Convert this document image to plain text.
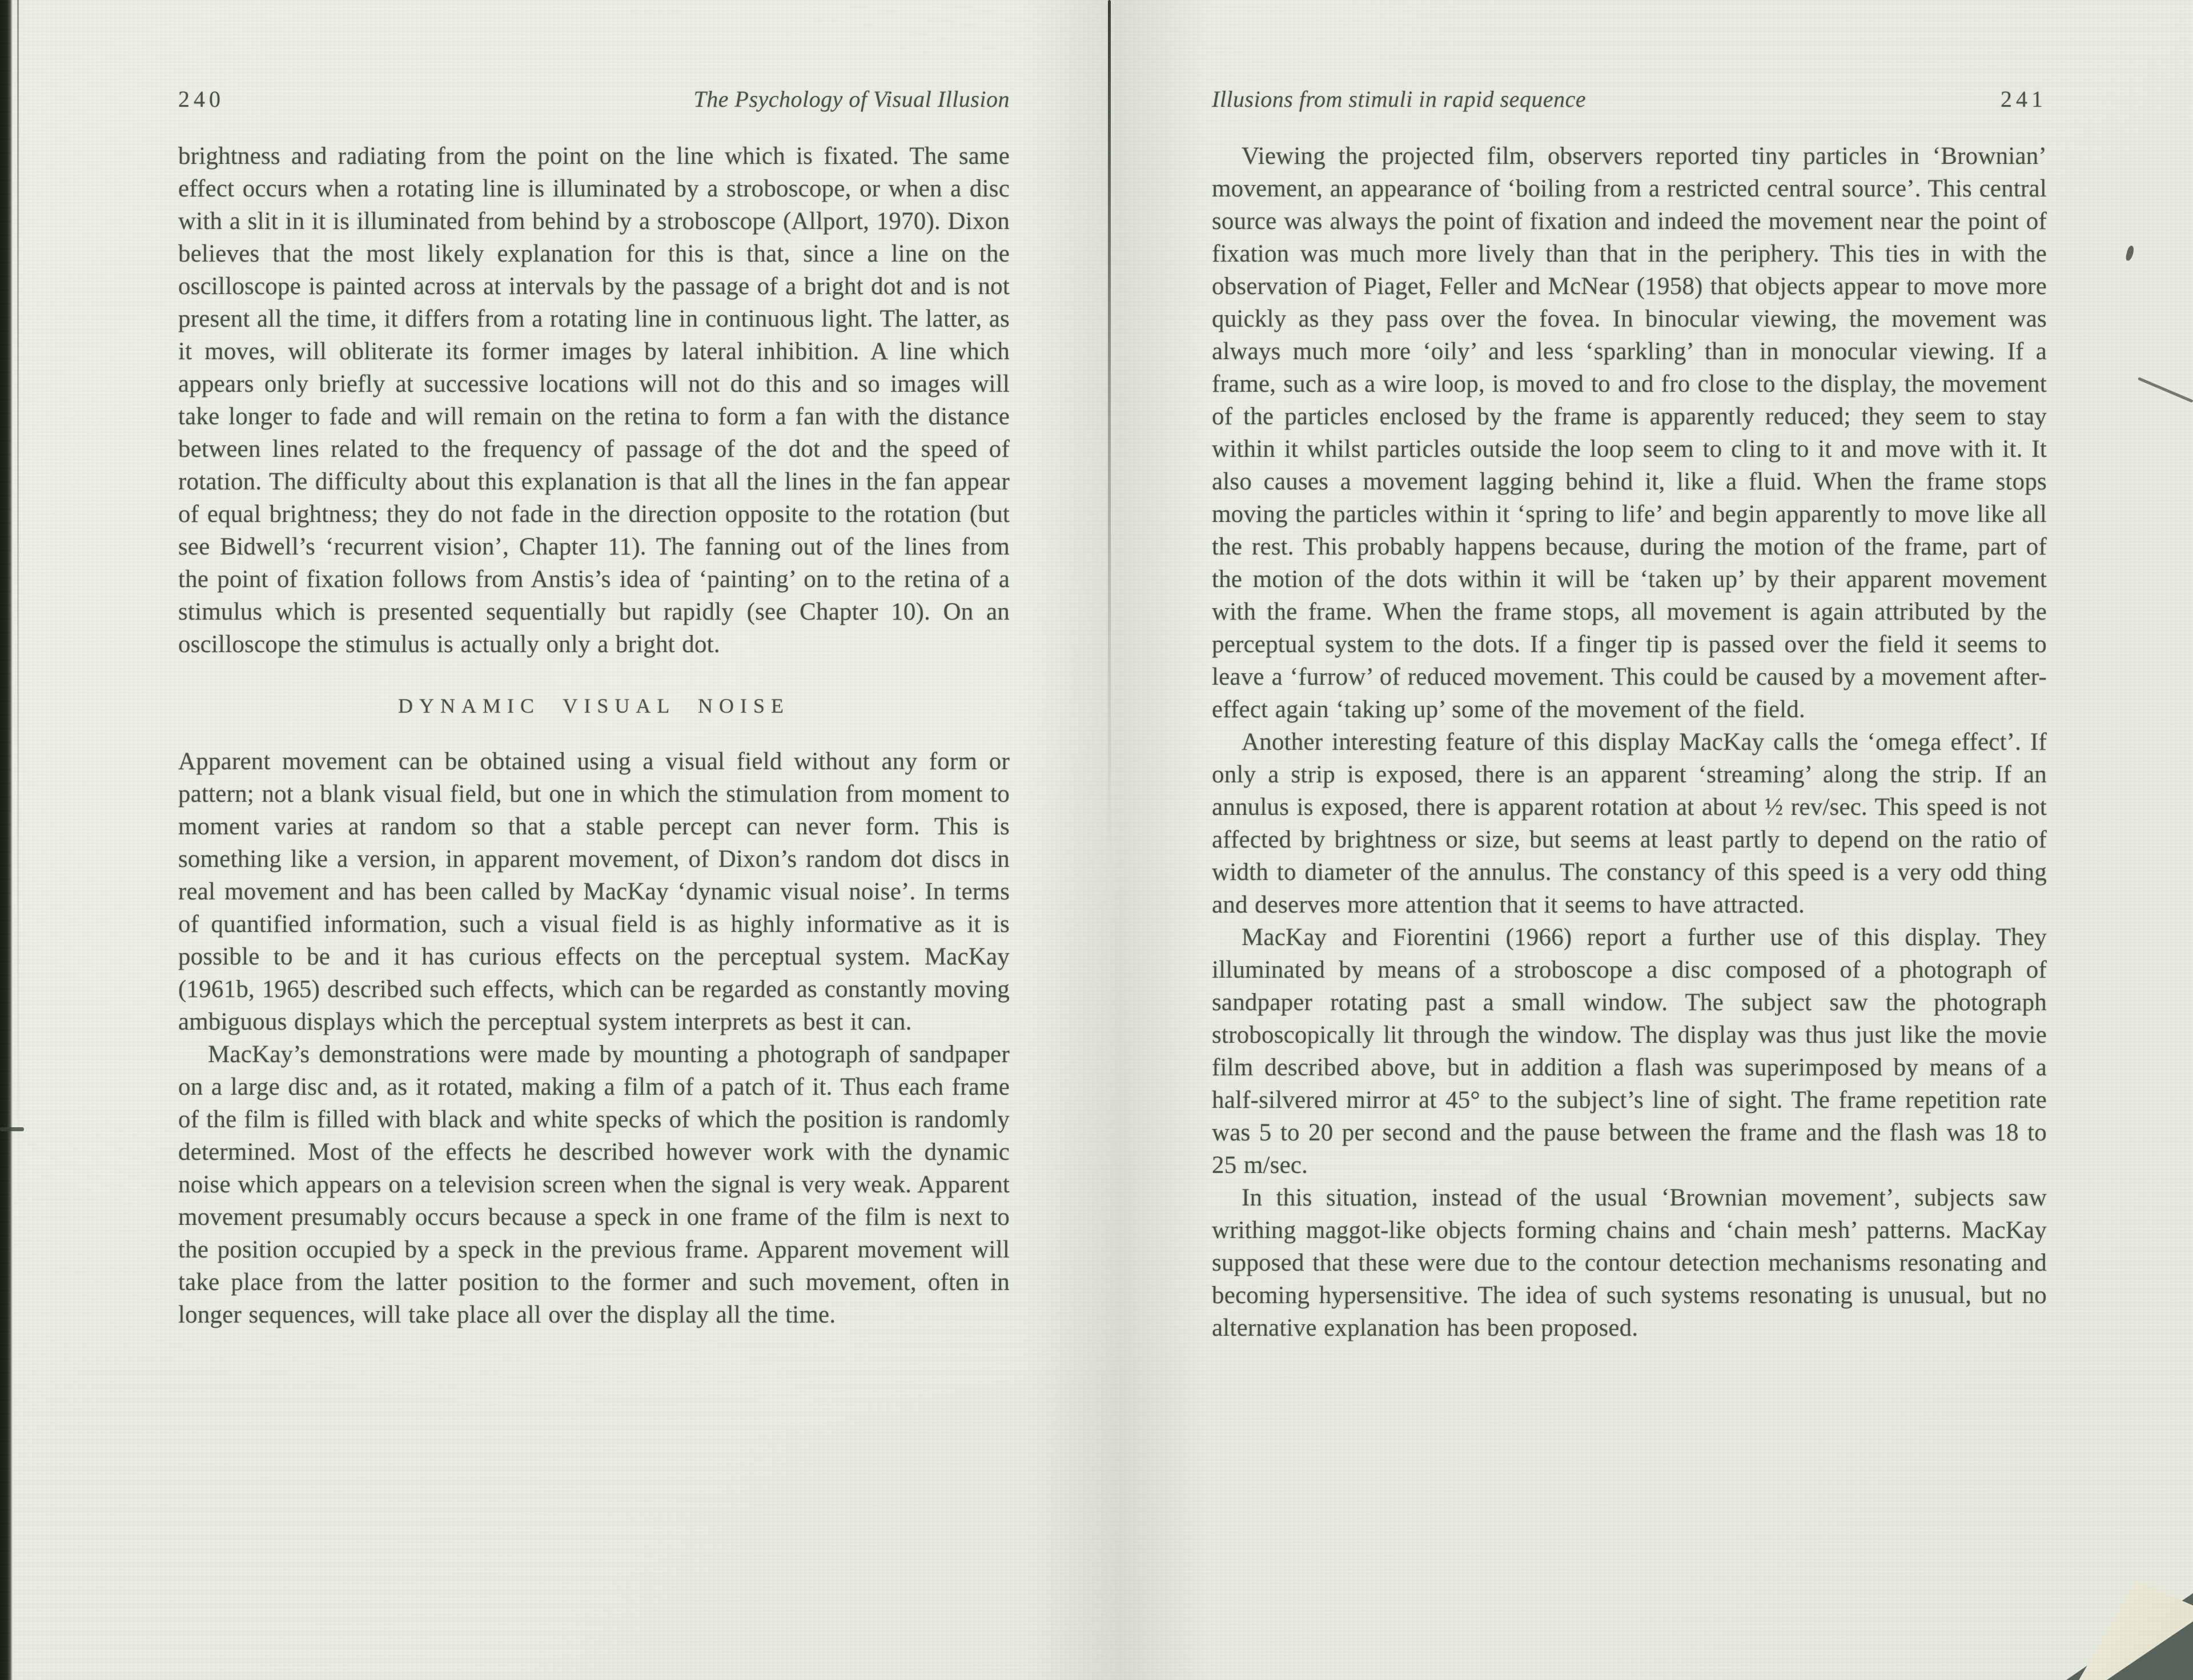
240	The Psychology of Visual Illusion

brightness and radiating from the point on the line which is fixated. The same effect occurs when a rotating line is illuminated by a stroboscope, or when a disc with a slit in it is illuminated from behind by a stroboscope (Allport, 1970). Dixon believes that the most likely explanation for this is that, since a line on the oscilloscope is painted across at intervals by the passage of a bright dot and is not present all the time, it differs from a rotating line in continuous light. The latter, as it moves, will obliterate its former images by lateral inhibition. A line which appears only briefly at successive locations will not do this and so images will take longer to fade and will remain on the retina to form a fan with the distance between lines related to the frequency of passage of the dot and the speed of rotation. The difficulty about this explanation is that all the lines in the fan appear of equal brightness; they do not fade in the direction opposite to the rotation (but see Bidwell’s ‘recurrent vision’, Chapter 11). The fanning out of the lines from the point of fixation follows from Anstis’s idea of ‘painting’ on to the retina of a stimulus which is presented sequentially but rapidly (see Chapter 10). On an oscilloscope the stimulus is actually only a bright dot.

DYNAMIC VISUAL NOISE

Apparent movement can be obtained using a visual field without any form or pattern; not a blank visual field, but one in which the stimulation from moment to moment varies at random so that a stable percept can never form. This is something like a version, in apparent movement, of Dixon’s random dot discs in real movement and has been called by MacKay ‘dynamic visual noise’. In terms of quantified information, such a visual field is as highly informative as it is possible to be and it has curious effects on the perceptual system. MacKay (1961b, 1965) described such effects, which can be regarded as constantly moving ambiguous displays which the perceptual system interprets as best it can.

MacKay’s demonstrations were made by mounting a photograph of sandpaper on a large disc and, as it rotated, making a film of a patch of it. Thus each frame of the film is filled with black and white specks of which the position is randomly determined. Most of the effects he described however work with the dynamic noise which appears on a television screen when the signal is very weak. Apparent movement presumably occurs because a speck in one frame of the film is next to the position occupied by a speck in the previous frame. Apparent movement will take place from the latter position to the former and such movement, often in longer sequences, will take place all over the display all the time.

Illusions from stimuli in rapid sequence	241

Viewing the projected film, observers reported tiny particles in ‘Brownian’ movement, an appearance of ‘boiling from a restricted central source’. This central source was always the point of fixation and indeed the movement near the point of fixation was much more lively than that in the periphery. This ties in with the observation of Piaget, Feller and McNear (1958) that objects appear to move more quickly as they pass over the fovea. In binocular viewing, the movement was always much more ‘oily’ and less ‘sparkling’ than in monocular viewing. If a frame, such as a wire loop, is moved to and fro close to the display, the movement of the particles enclosed by the frame is apparently reduced; they seem to stay within it whilst particles outside the loop seem to cling to it and move with it. It also causes a movement lagging behind it, like a fluid. When the frame stops moving the particles within it ‘spring to life’ and begin apparently to move like all the rest. This probably happens because, during the motion of the frame, part of the motion of the dots within it will be ‘taken up’ by their apparent movement with the frame. When the frame stops, all movement is again attributed by the perceptual system to the dots. If a finger tip is passed over the field it seems to leave a ‘furrow’ of reduced movement. This could be caused by a movement after-effect again ‘taking up’ some of the movement of the field.

Another interesting feature of this display MacKay calls the ‘omega effect’. If only a strip is exposed, there is an apparent ‘streaming’ along the strip. If an annulus is exposed, there is apparent rotation at about ½ rev/sec. This speed is not affected by brightness or size, but seems at least partly to depend on the ratio of width to diameter of the annulus. The constancy of this speed is a very odd thing and deserves more attention that it seems to have attracted.

MacKay and Fiorentini (1966) report a further use of this display. They illuminated by means of a stroboscope a disc composed of a photograph of sandpaper rotating past a small window. The subject saw the photograph stroboscopically lit through the window. The display was thus just like the movie film described above, but in addition a flash was superimposed by means of a half-silvered mirror at 45° to the subject’s line of sight. The frame repetition rate was 5 to 20 per second and the pause between the frame and the flash was 18 to 25 m/sec.

In this situation, instead of the usual ‘Brownian movement’, subjects saw writhing maggot-like objects forming chains and ‘chain mesh’ patterns. MacKay supposed that these were due to the contour detection mechanisms resonating and becoming hypersensitive. The idea of such systems resonating is unusual, but no alternative explanation has been proposed.
